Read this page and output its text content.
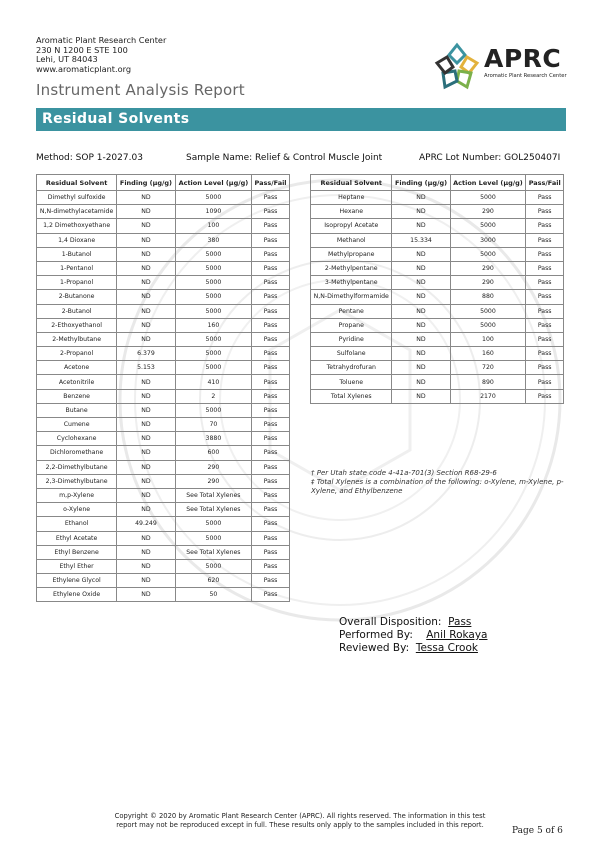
Aromatic Plant Research Center
230 N 1200 E STE 100
Lehi, UT 84043
www.aromaticplant.org
Instrument Analysis Report
APRC
Aromatic Plant Research Center
Residual Solvents
Method: SOP 1-2027.03	Sample Name: Relief & Control Muscle Joint	APRC Lot Number: GOL250407I
Residual Solvent	Finding (µg/g)	Action Level (µg/g)	Pass/Fail
Dimethyl sulfoxide	ND	5000	Pass
N,N-dimethylacetamide	ND	1090	Pass
1,2 Dimethoxyethane	ND	100	Pass
1,4 Dioxane	ND	380	Pass
1-Butanol	ND	5000	Pass
1-Pentanol	ND	5000	Pass
1-Propanol	ND	5000	Pass
2-Butanone	ND	5000	Pass
2-Butanol	ND	5000	Pass
2-Ethoxyethanol	ND	160	Pass
2-Methylbutane	ND	5000	Pass
2-Propanol	6.379	5000	Pass
Acetone	5.153	5000	Pass
Acetonitrile	ND	410	Pass
Benzene	ND	2	Pass
Butane	ND	5000	Pass
Cumene	ND	70	Pass
Cyclohexane	ND	3880	Pass
Dichloromethane	ND	600	Pass
2,2-Dimethylbutane	ND	290	Pass
2,3-Dimethylbutane	ND	290	Pass
m,p-Xylene	ND	See Total Xylenes	Pass
o-Xylene	ND	See Total Xylenes	Pass
Ethanol	49.249	5000	Pass
Ethyl Acetate	ND	5000	Pass
Ethyl Benzene	ND	See Total Xylenes	Pass
Ethyl Ether	ND	5000	Pass
Ethylene Glycol	ND	620	Pass
Ethylene Oxide	ND	50	Pass
Residual Solvent	Finding (µg/g)	Action Level (µg/g)	Pass/Fail
Heptane	ND	5000	Pass
Hexane	ND	290	Pass
Isopropyl Acetate	ND	5000	Pass
Methanol	15.334	3000	Pass
Methylpropane	ND	5000	Pass
2-Methylpentane	ND	290	Pass
3-Methylpentane	ND	290	Pass
N,N-Dimethylformamide	ND	880	Pass
Pentane	ND	5000	Pass
Propane	ND	5000	Pass
Pyridine	ND	100	Pass
Sulfolane	ND	160	Pass
Tetrahydrofuran	ND	720	Pass
Toluene	ND	890	Pass
Total Xylenes	ND	2170	Pass
† Per Utah state code 4-41a-701(3) Section R68-29-6
‡ Total Xylenes is a combination of the following: o-Xylene, m-Xylene, p-Xylene, and Ethylbenzene
Overall Disposition: Pass
Performed By: Anil Rokaya
Reviewed By: Tessa Crook
Copyright © 2020 by Aromatic Plant Research Center (APRC). All rights reserved. The information in this test
report may not be reproduced except in full. These results only apply to the samples included in this report.
Page 5 of 6
